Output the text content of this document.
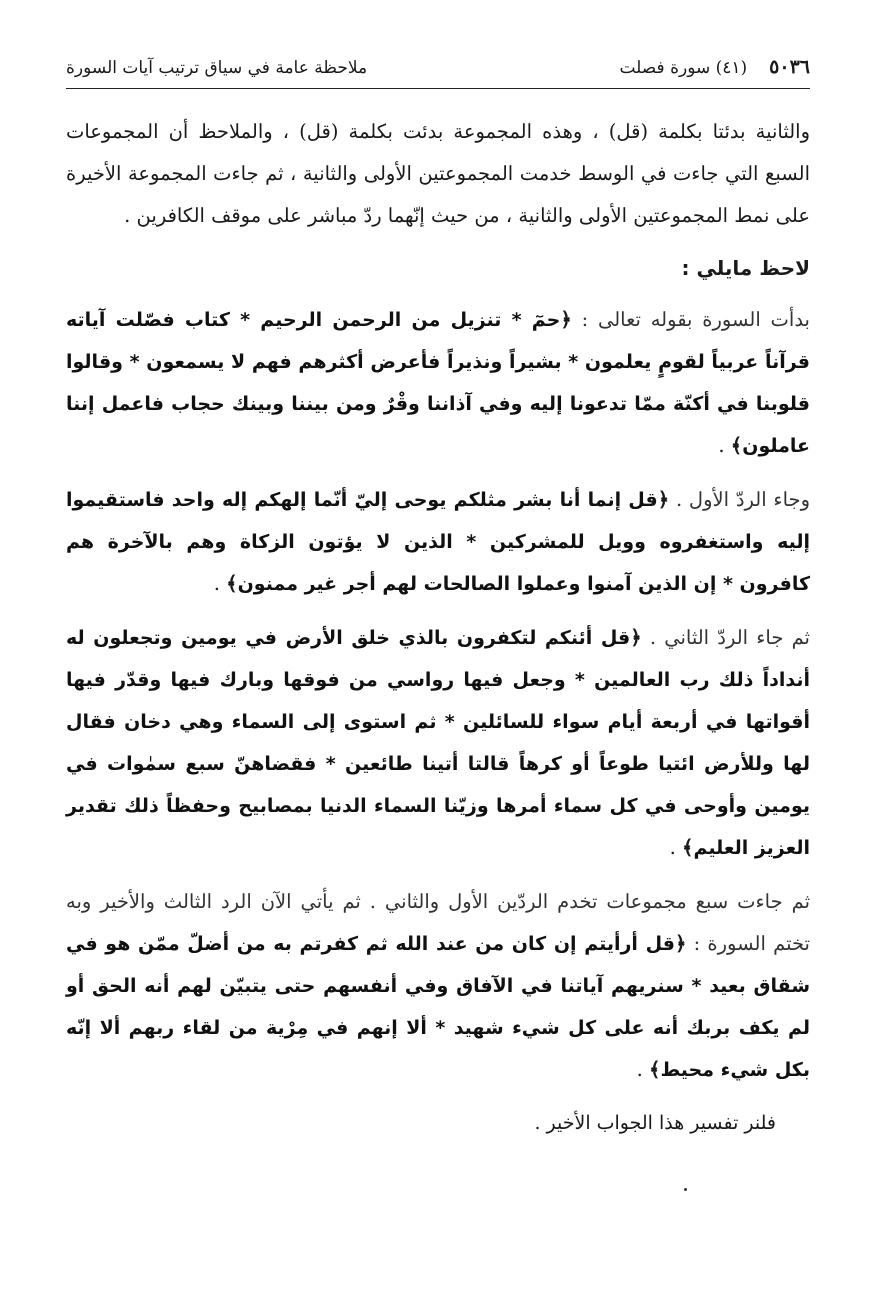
٥٠٣٦
(٤١) سورة فصلت
ملاحظة عامة في سياق ترتيب آيات السورة

والثانية بدئتا بكلمة (قل) ، وهذه المجموعة بدئت بكلمة (قل) ، والملاحظ أن المجموعات السبع التي جاءت في الوسط خدمت المجموعتين الأولى والثانية ، ثم جاءت المجموعة الأخيرة على نمط المجموعتين الأولى والثانية ، من حيث إنّهما ردّ مباشر على موقف الكافرين .

لاحظ مايلي :

بدأت السورة بقوله تعالى : ﴿حمٓ * تنزيل من الرحمن الرحيم * كتاب فصّلت آياته قرآناً عربياً لقومٍ يعلمون * بشيراً ونذيراً فأعرض أكثرهم فهم لا يسمعون * وقالوا قلوبنا في أكنّة ممّا تدعونا إليه وفي آذاننا وقْرٌ ومن بيننا وبينك حجاب فاعمل إننا عاملون﴾ .

وجاء الردّ الأول . ﴿قل إنما أنا بشر مثلكم يوحى إليّ أنّما إلهكم إله واحد فاستقيموا إليه واستغفروه وويل للمشركين * الذين لا يؤتون الزكاة وهم بالآخرة هم كافرون * إن الذين آمنوا وعملوا الصالحات لهم أجر غير ممنون﴾ .

ثم جاء الردّ الثاني . ﴿قل أئنكم لتكفرون بالذي خلق الأرض في يومين وتجعلون له أنداداً ذلك رب العالمين * وجعل فيها رواسي من فوقها وبارك فيها وقدّر فيها أقواتها في أربعة أيام سواء للسائلين * ثم استوى إلى السماء وهي دخان فقال لها وللأرض ائتيا طوعاً أو كرهاً قالتا أتينا طائعين * فقضاهنّ سبع سمٰوات في يومين وأوحى في كل سماء أمرها وزيّنا السماء الدنيا بمصابيح وحفظاً ذلك تقدير العزيز العليم﴾ .

ثم جاءت سبع مجموعات تخدم الردّين الأول والثاني . ثم يأتي الآن الرد الثالث والأخير وبه تختم السورة : ﴿قل أرأيتم إن كان من عند الله ثم كفرتم به من أضلّ ممّن هو في شقاق بعيد * سنريهم آياتنا في الآفاق وفي أنفسهم حتى يتبيّن لهم أنه الحق أو لم يكف بربك أنه على كل شيء شهيد * ألا إنهم في مِرْية من لقاء ربهم ألا إنّه بكل شيء محيط﴾ .

فلنر تفسير هذا الجواب الأخير .
